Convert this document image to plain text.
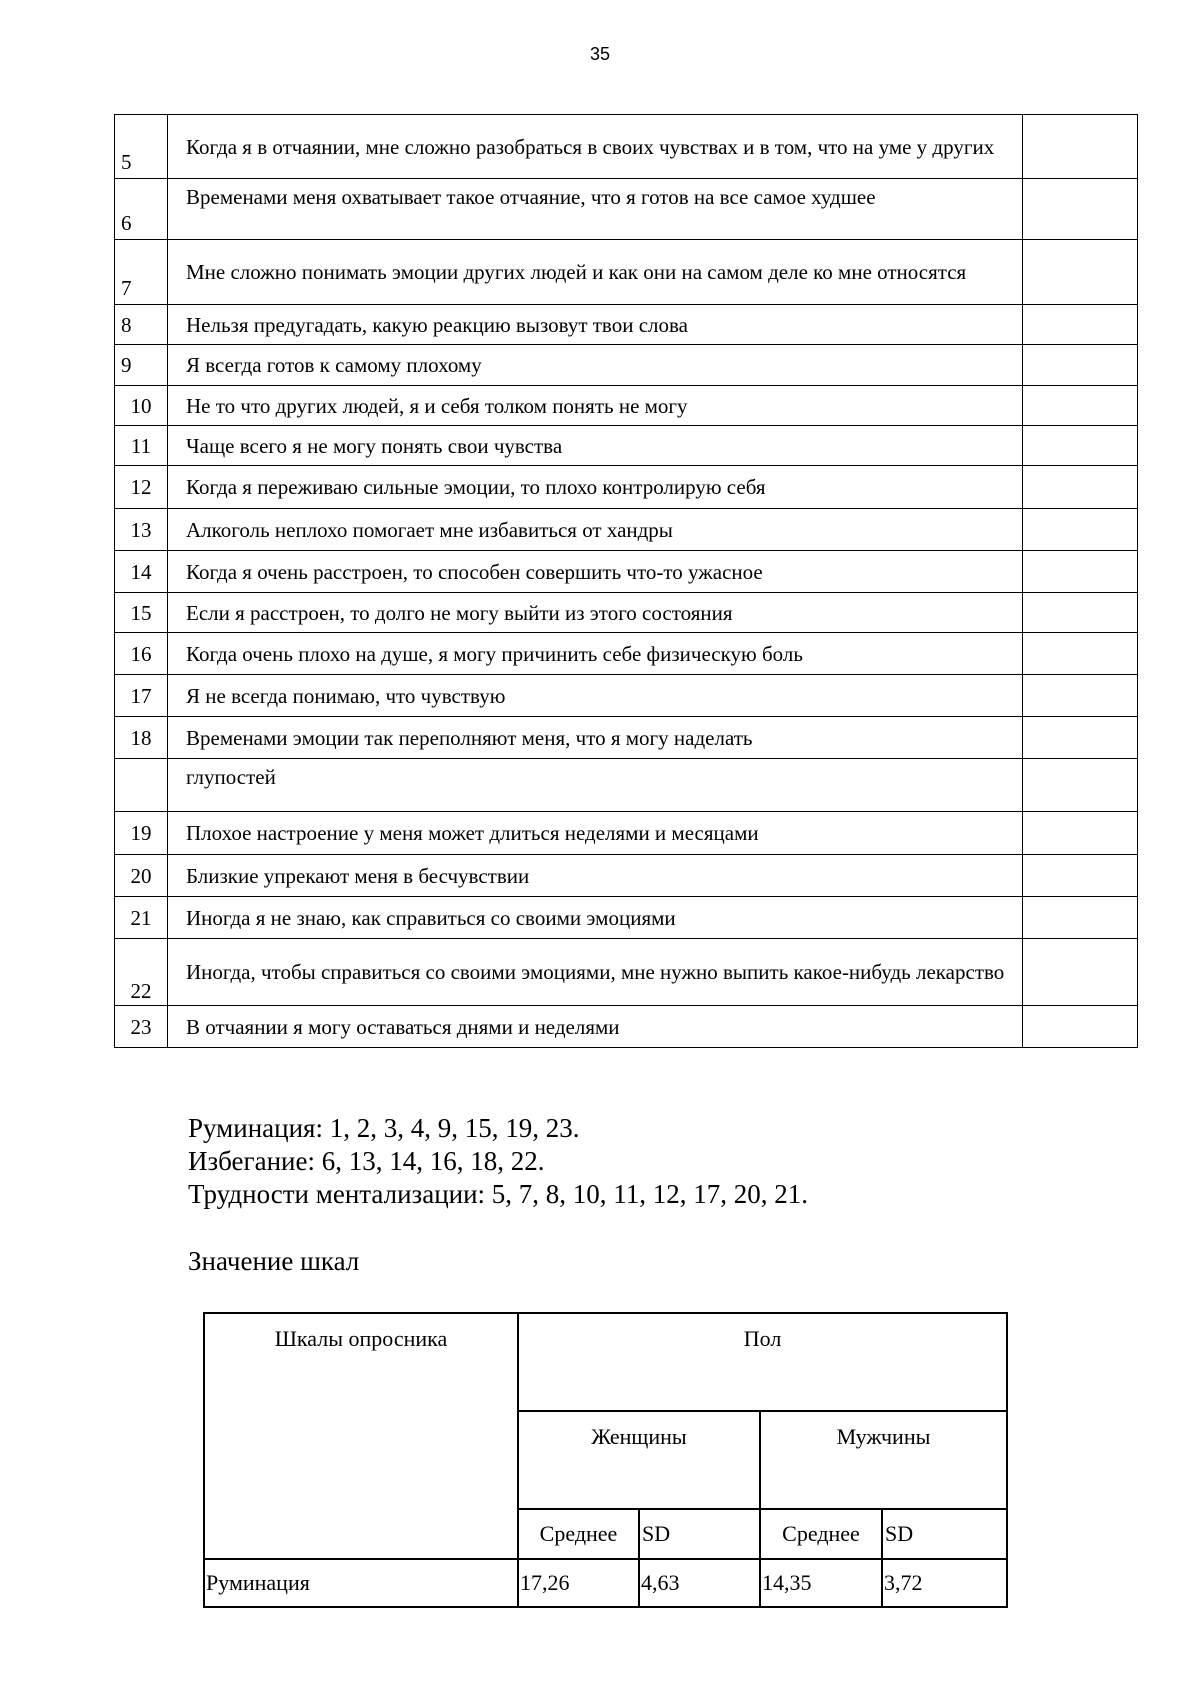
35
5	Когда я в отчаянии, мне сложно разобраться в своих чувствах и в том, что на уме у других	
6	Временами меня охватывает такое отчаяние, что я готов на все самое худшее	
7	Мне сложно понимать эмоции других людей и как они на самом деле ко мне относятся	
8	Нельзя предугадать, какую реакцию вызовут твои слова	
9	Я всегда готов к самому плохому	
10	Не то что других людей, я и себя толком понять не могу	
11	Чаще всего я не могу понять свои чувства	
12	Когда я переживаю сильные эмоции, то плохо контролирую себя	
13	Алкоголь неплохо помогает мне избавиться от хандры	
14	Когда я очень расстроен, то способен совершить что-то ужасное	
15	Если я расстроен, то долго не могу выйти из этого состояния	
16	Когда очень плохо на душе, я могу причинить себе физическую боль	
17	Я не всегда понимаю, что чувствую	
18	Временами эмоции так переполняют меня, что я могу наделать	
	глупостей	
19	Плохое настроение у меня может длиться неделями и месяцами	
20	Близкие упрекают меня в бесчувствии	
21	Иногда я не знаю, как справиться со своими эмоциями	
22	Иногда, чтобы справиться со своими эмоциями, мне нужно выпить какое-нибудь лекарство	
23	В отчаянии я могу оставаться днями и неделями	
Руминация: 1, 2, 3, 4, 9, 15, 19, 23.
Избегание: 6, 13, 14, 16, 18, 22.
Трудности ментализации: 5, 7, 8, 10, 11, 12, 17, 20, 21.
Значение шкал
Шкалы опросника	Пол			
	Женщины		Мужчины	
	Среднее	SD	Среднее	SD
Руминация	17,26	4,63	14,35	3,72
